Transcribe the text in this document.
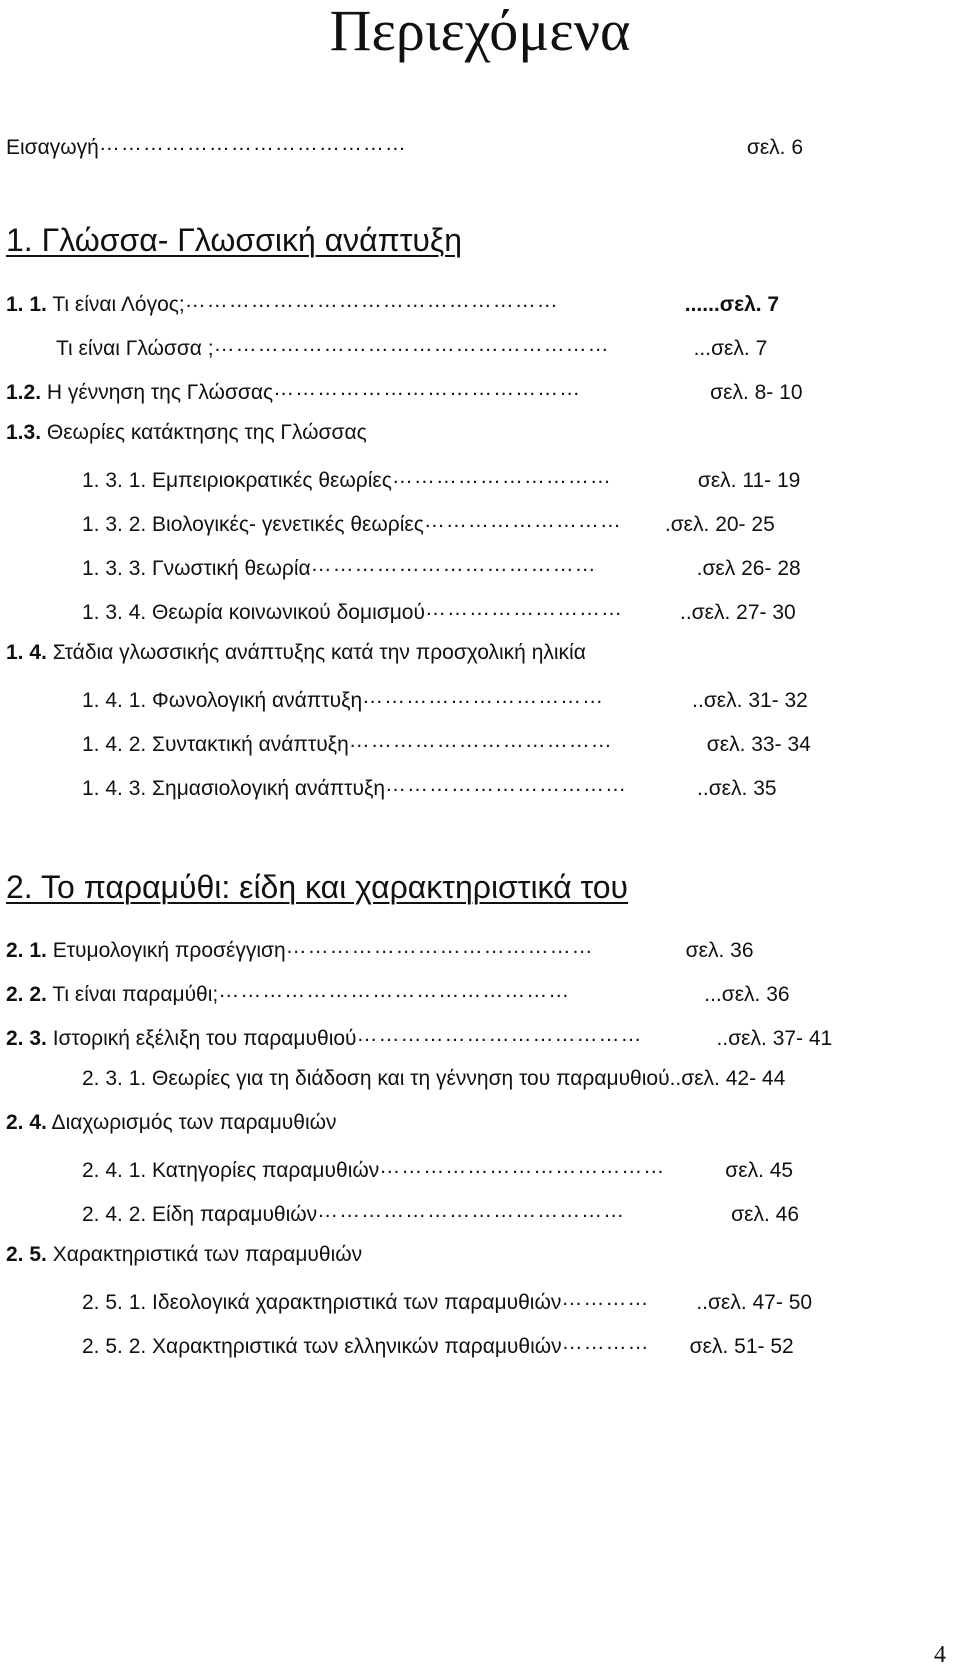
Περιεχόμενα
Εισαγωγή……………………………………	σελ. 6
1. Γλώσσα- Γλωσσική ανάπτυξη
1. 1. Τι είναι Λόγος;……………………………………………	......σελ. 7
Τι είναι Γλώσσα ;………………………………………………	...σελ. 7
1.2. Η γέννηση της Γλώσσας……………………………………	σελ. 8- 10
1.3. Θεωρίες κατάκτησης της Γλώσσας
1. 3. 1. Εμπειριοκρατικές θεωρίες…………………………	σελ. 11- 19
1. 3. 2. Βιολογικές- γενετικές θεωρίες……………………… .σελ. 20- 25
1. 3. 3. Γνωστική θεωρία…………………………………	.σελ 26- 28
1. 3. 4. Θεωρία κοινωνικού δομισμού………………………	..σελ. 27- 30
1. 4. Στάδια γλωσσικής ανάπτυξης κατά την προσχολική ηλικία
1. 4. 1. Φωνολογική ανάπτυξη……………………………	..σελ. 31- 32
1. 4. 2. Συντακτική ανάπτυξη………………………………	σελ. 33- 34
1. 4. 3. Σημασιολογική ανάπτυξη……………………………	..σελ. 35
2. Το παραμύθι: είδη και χαρακτηριστικά του
2. 1. Ετυμολογική προσέγγιση……………………………………	σελ. 36
2. 2. Τι είναι παραμύθι;…………………………………………	...σελ. 36
2. 3. Ιστορική εξέλιξη του παραμυθιού…………………………………	..σελ. 37- 41
2. 3. 1. Θεωρίες για τη διάδοση και τη γέννηση του παραμυθιού..σελ. 42- 44
2. 4. Διαχωρισμός των παραμυθιών
2. 4. 1. Κατηγορίες παραμυθιών…………………………………	σελ. 45
2. 4. 2. Είδη παραμυθιών……………………………………	σελ. 46
2. 5. Χαρακτηριστικά των παραμυθιών
2. 5. 1. Ιδεολογικά χαρακτηριστικά των παραμυθιών………… ..σελ. 47- 50
2. 5. 2. Χαρακτηριστικά των ελληνικών παραμυθιών………… σελ. 51- 52
4
